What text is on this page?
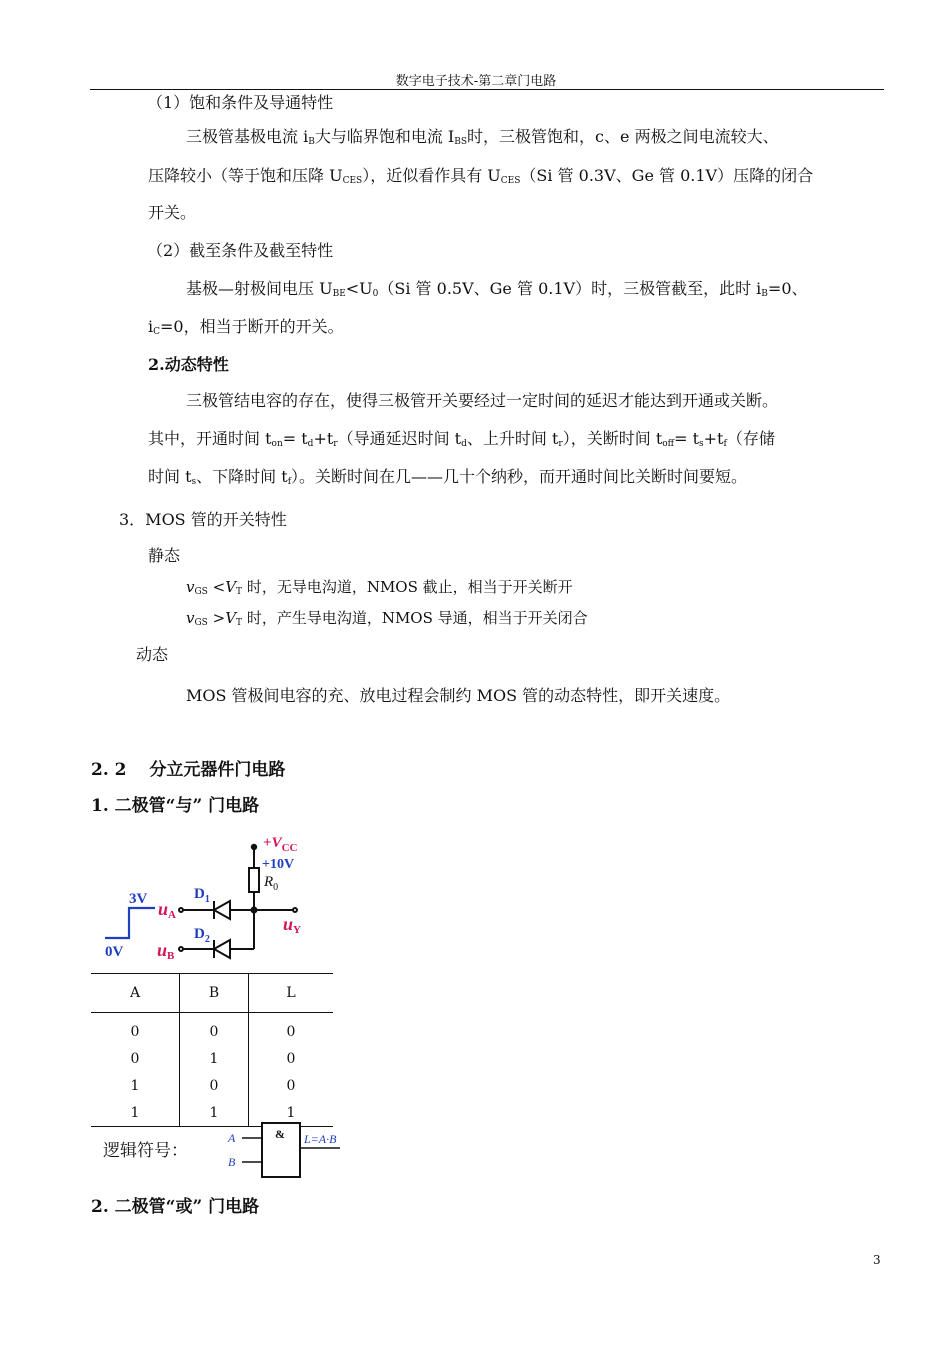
数字电子技术-第二章门电路
（1）饱和条件及导通特性
三极管基极电流 $i_B$大与临界饱和电流 $I_{BS}$时，三极管饱和，c、e 两极之间电流较大、
压降较小（等于饱和压降 $U_{CES}$），近似看作具有 $U_{CES}(Si$ 管 0.3V、Ge 管 0.1V）压降的闭合
开关。
（2）截至条件及截至特性
基极—射极间电压 $U_{BE}<U_0(Si$ 管 0.5V、Ge 管 0.1V）时，三极管截至，此时 $i_B=0$、
$i_C=0$，相当于断开的开关。
2.动态特性
三极管结电容的存在，使得三极管开关要经过一定时间的延迟才能达到开通或关断。
其中，开通时间 $t_{on}= t_d+t_r$（导通延迟时间 $t_d$、上升时间 $t_r$），关断时间 $t_{off}= t_s+t_f$（存储
时间 $t_s$、下降时间 $t_f$）。关断时间在几——几十个纳秒，而开通时间比关断时间要短。
3．MOS 管的开关特性
静态
$v_{GS} <V_T$ 时，无导电沟道，NMOS 截止，相当于开关断开
$v_{GS} >V_T$ 时，产生导电沟道，NMOS 导通，相当于开关闭合
动态
MOS 管极间电容的充、放电过程会制约 MOS 管的动态特性，即开关速度。
2. 2　 分立元器件门电路
1. 二极管“与” 门电路
$+V_{CC}$
+10V
$R_0$
$D_1$
$D_2$
3V
0V
uA
uB
uY
A	B	L
0	0	0
0	1	0
1	0	0
1	1	1
逻辑符号：
A
B
& L=A·B
2. 二极管“或” 门电路
3
